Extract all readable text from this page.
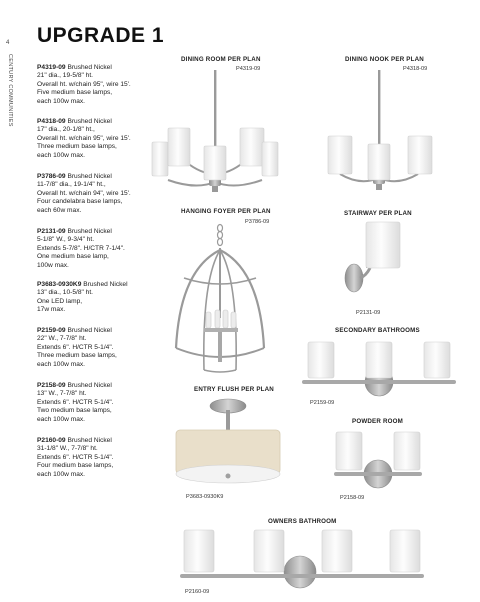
4
CENTURY COMMUNITIES
UPGRADE 1
P4319-09 Brushed Nickel
21" dia., 19-5/8" ht.
Overall ht. w/chain 95", wire 15'.
Five medium base lamps,
each 100w max.
P4318-09 Brushed Nickel
17" dia., 20-1/8" ht.,
Overall ht. w/chain 95", wire 15'.
Three medium base lamps,
each 100w max.
P3786-09 Brushed Nickel
11-7/8" dia., 19-1/4" ht.,
Overall ht. w/chain 94", wire 15'.
Four candelabra base lamps,
each 60w max.
P2131-09 Brushed Nickel
5-1/8" W., 9-3/4" ht.
Extends 5-7/8". H/CTR 7-1/4".
One medium base lamp,
100w max.
P3683-0930K9 Brushed Nickel
13" dia., 10-5/8" ht.
One LED lamp,
17w max.
P2159-09 Brushed Nickel
22" W., 7-7/8" ht.
Extends 6". H/CTR 5-1/4".
Three medium base lamps,
each 100w max.
P2158-09 Brushed Nickel
13" W., 7-7/8" ht.
Extends 6". H/CTR 5-1/4".
Two medium base lamps,
each 100w max.
P2160-09 Brushed Nickel
31-1/8" W., 7-7/8" ht.
Extends 6". H/CTR 5-1/4".
Four medium base lamps,
each 100w max.
DINING ROOM PER PLAN
P4319-09
DINING NOOK PER PLAN
P4318-09
HANGING FOYER PER PLAN
P3786-09
STAIRWAY PER PLAN
P2131-09
SECONDARY BATHROOMS
P2159-09
ENTRY FLUSH PER PLAN
P3683-0930K9
POWDER ROOM
P2158-09
OWNERS BATHROOM
P2160-09
